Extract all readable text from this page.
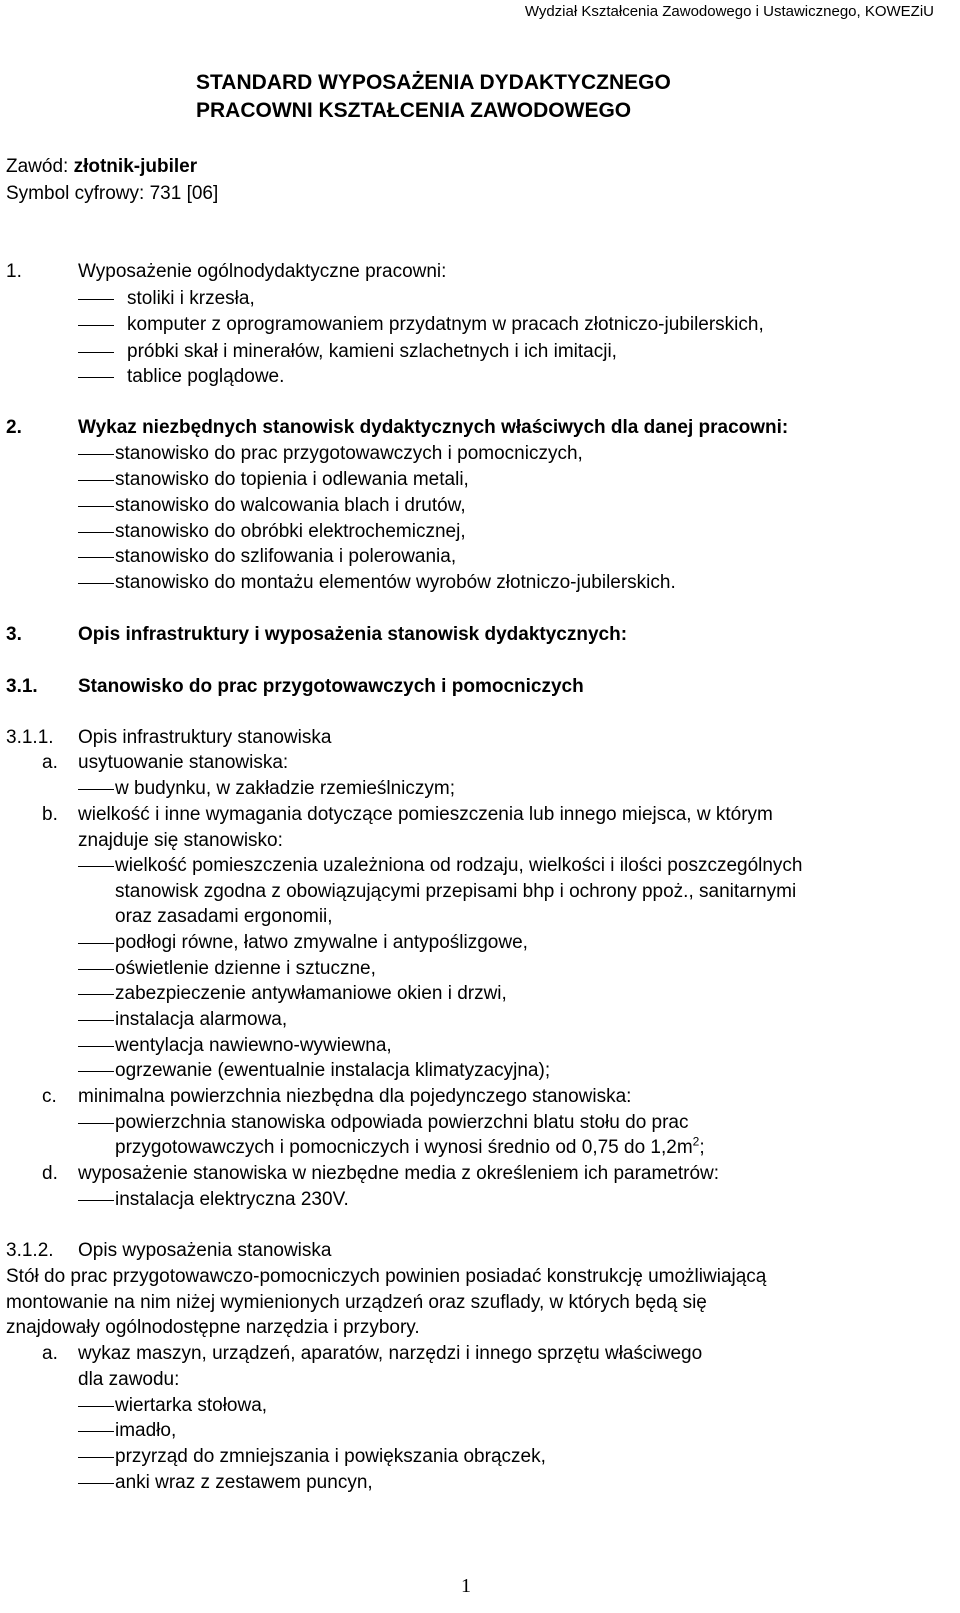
Wydział Kształcenia Zawodowego i Ustawicznego, KOWEZiU
STANDARD WYPOSAŻENIA DYDAKTYCZNEGO
PRACOWNI KSZTAŁCENIA ZAWODOWEGO
Zawód: złotnik-jubiler
Symbol cyfrowy: 731 [06]
1.	Wyposażenie ogólnodydaktyczne pracowni:
stoliki i krzesła,
komputer z oprogramowaniem przydatnym w pracach złotniczo-jubilerskich,
próbki skał i minerałów, kamieni szlachetnych i ich imitacji,
tablice poglądowe.
2.	Wykaz niezbędnych stanowisk dydaktycznych właściwych dla danej pracowni:
stanowisko do prac przygotowawczych i pomocniczych,
stanowisko do topienia i odlewania metali,
stanowisko do walcowania blach i drutów,
stanowisko do obróbki elektrochemicznej,
stanowisko do szlifowania i polerowania,
stanowisko do montażu elementów wyrobów złotniczo-jubilerskich.
3.	Opis infrastruktury i wyposażenia stanowisk dydaktycznych:
3.1. Stanowisko do prac przygotowawczych i pomocniczych
3.1.1. Opis infrastruktury stanowiska
a. usytuowanie stanowiska:
w budynku, w zakładzie rzemieślniczym;
b. wielkość i inne wymagania dotyczące pomieszczenia lub innego miejsca, w którym
znajduje się stanowisko:
wielkość pomieszczenia uzależniona od rodzaju, wielkości i ilości poszczególnych
stanowisk zgodna z obowiązującymi przepisami bhp i ochrony ppoż., sanitarnymi
oraz zasadami ergonomii,
podłogi równe, łatwo zmywalne i antypoślizgowe,
oświetlenie dzienne i sztuczne,
zabezpieczenie antywłamaniowe okien i drzwi,
instalacja alarmowa,
wentylacja nawiewno-wywiewna,
ogrzewanie (ewentualnie instalacja klimatyzacyjna);
c. minimalna powierzchnia niezbędna dla pojedynczego stanowiska:
powierzchnia stanowiska odpowiada powierzchni blatu stołu do prac
przygotowawczych i pomocniczych i wynosi średnio od 0,75 do $1,2m^2$;
d. wyposażenie stanowiska w niezbędne media z określeniem ich parametrów:
instalacja elektryczna 230V.
3.1.2. Opis wyposażenia stanowiska
Stół do prac przygotowawczo-pomocniczych powinien posiadać konstrukcję umożliwiającą
montowanie na nim niżej wymienionych urządzeń oraz szuflady, w których będą się
znajdowały ogólnodostępne narzędzia i przybory.
a. wykaz maszyn, urządzeń, aparatów, narzędzi i innego sprzętu właściwego
dla zawodu:
wiertarka stołowa,
imadło,
przyrząd do zmniejszania i powiększania obrączek,
anki wraz z zestawem puncyn,
1
